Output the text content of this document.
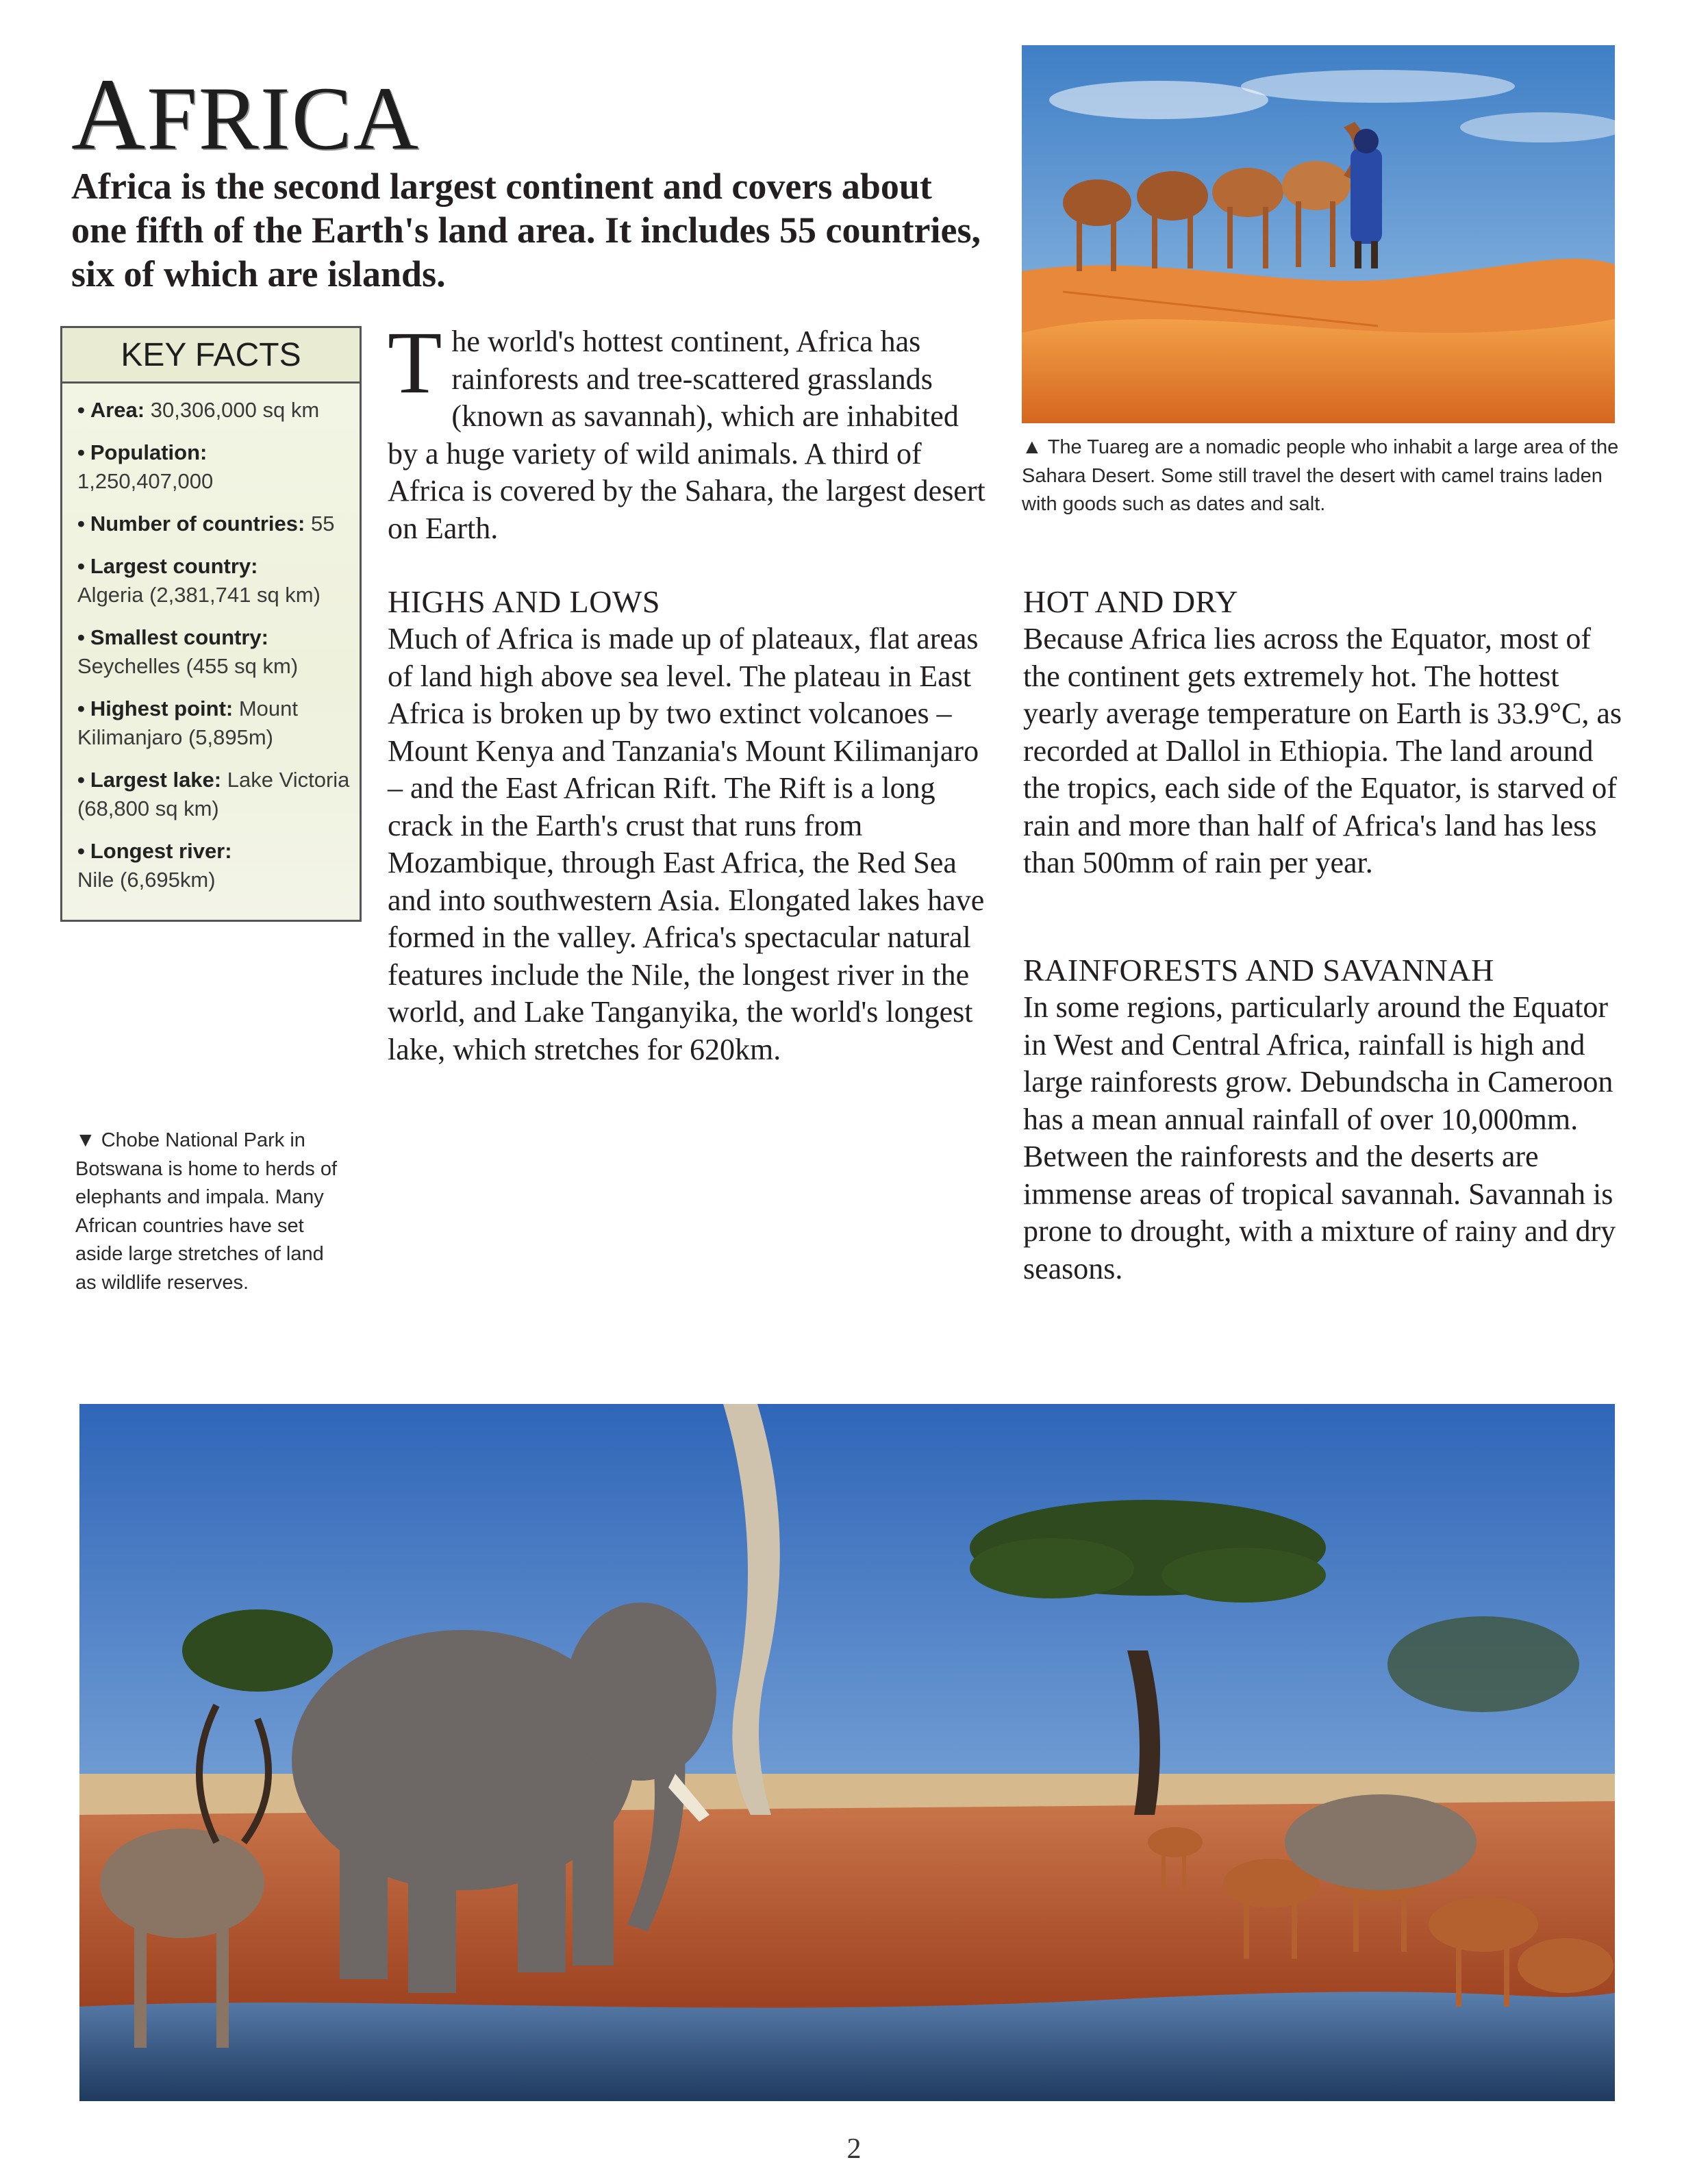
AFRICA
Africa is the second largest continent and covers about one fifth of the Earth's land area. It includes 55 countries, six of which are islands.
KEY FACTS
• Area: 30,306,000 sq km
• Population:
1,250,407,000
• Number of countries: 55
• Largest country:
Algeria (2,381,741 sq km)
• Smallest country:
Seychelles (455 sq km)
• Highest point: Mount Kilimanjaro (5,895m)
• Largest lake: Lake Victoria (68,800 sq km)
• Longest river:
Nile (6,695km)
The world's hottest continent, Africa has rainforests and tree-scattered grasslands (known as savannah), which are inhabited by a huge variety of wild animals. A third of Africa is covered by the Sahara, the largest desert on Earth.
HIGHS AND LOWS
Much of Africa is made up of plateaux, flat areas of land high above sea level. The plateau in East Africa is broken up by two extinct volcanoes – Mount Kenya and Tanzania's Mount Kilimanjaro – and the East African Rift. The Rift is a long crack in the Earth's crust that runs from Mozambique, through East Africa, the Red Sea and into southwestern Asia. Elongated lakes have formed in the valley. Africa's spectacular natural features include the Nile, the longest river in the world, and Lake Tanganyika, the world's longest lake, which stretches for 620km.
▲ The Tuareg are a nomadic people who inhabit a large area of the Sahara Desert. Some still travel the desert with camel trains laden with goods such as dates and salt.
HOT AND DRY
Because Africa lies across the Equator, most of the continent gets extremely hot. The hottest yearly average temperature on Earth is 33.9°C, as recorded at Dallol in Ethiopia. The land around the tropics, each side of the Equator, is starved of rain and more than half of Africa's land has less than 500mm of rain per year.
RAINFORESTS AND SAVANNAH
In some regions, particularly around the Equator in West and Central Africa, rainfall is high and large rainforests grow. Debundscha in Cameroon has a mean annual rainfall of over 10,000mm. Between the rainforests and the deserts are immense areas of tropical savannah. Savannah is prone to drought, with a mixture of rainy and dry seasons.
▼ Chobe National Park in Botswana is home to herds of elephants and impala. Many African countries have set aside large stretches of land as wildlife reserves.
2
